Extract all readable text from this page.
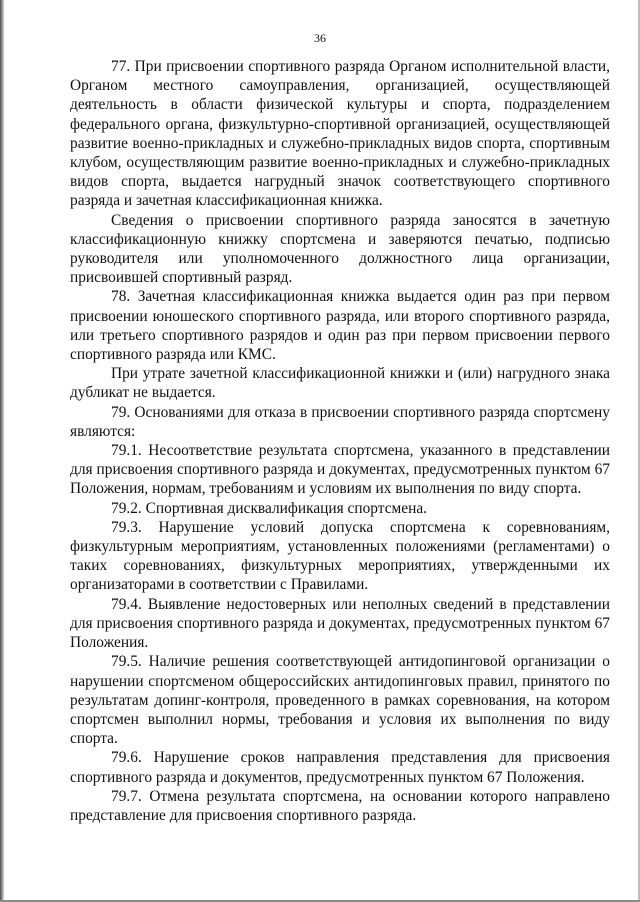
36

77. При присвоении спортивного разряда Органом исполнительной власти, Органом местного самоуправления, организацией, осуществляющей деятельность в области физической культуры и спорта, подразделением федерального органа, физкультурно-спортивной организацией, осуществляющей развитие военно-прикладных и служебно-прикладных видов спорта, спортивным клубом, осуществляющим развитие военно-прикладных и служебно-прикладных видов спорта, выдается нагрудный значок соответствующего спортивного разряда и зачетная классификационная книжка.

Сведения о присвоении спортивного разряда заносятся в зачетную классификационную книжку спортсмена и заверяются печатью, подписью руководителя или уполномоченного должностного лица организации, присвоившей спортивный разряд.

78. Зачетная классификационная книжка выдается один раз при первом присвоении юношеского спортивного разряда, или второго спортивного разряда, или третьего спортивного разрядов и один раз при первом присвоении первого спортивного разряда или КМС.

При утрате зачетной классификационной книжки и (или) нагрудного знака дубликат не выдается.

79. Основаниями для отказа в присвоении спортивного разряда спортсмену являются:

79.1. Несоответствие результата спортсмена, указанного в представлении для присвоения спортивного разряда и документах, предусмотренных пунктом 67 Положения, нормам, требованиям и условиям их выполнения по виду спорта.

79.2. Спортивная дисквалификация спортсмена.

79.3. Нарушение условий допуска спортсмена к соревнованиям, физкультурным мероприятиям, установленных положениями (регламентами) о таких соревнованиях, физкультурных мероприятиях, утвержденными их организаторами в соответствии с Правилами.

79.4. Выявление недостоверных или неполных сведений в представлении для присвоения спортивного разряда и документах, предусмотренных пунктом 67 Положения.

79.5. Наличие решения соответствующей антидопинговой организации о нарушении спортсменом общероссийских антидопинговых правил, принятого по результатам допинг-контроля, проведенного в рамках соревнования, на котором спортсмен выполнил нормы, требования и условия их выполнения по виду спорта.

79.6. Нарушение сроков направления представления для присвоения спортивного разряда и документов, предусмотренных пунктом 67 Положения.

79.7. Отмена результата спортсмена, на основании которого направлено представление для присвоения спортивного разряда.
